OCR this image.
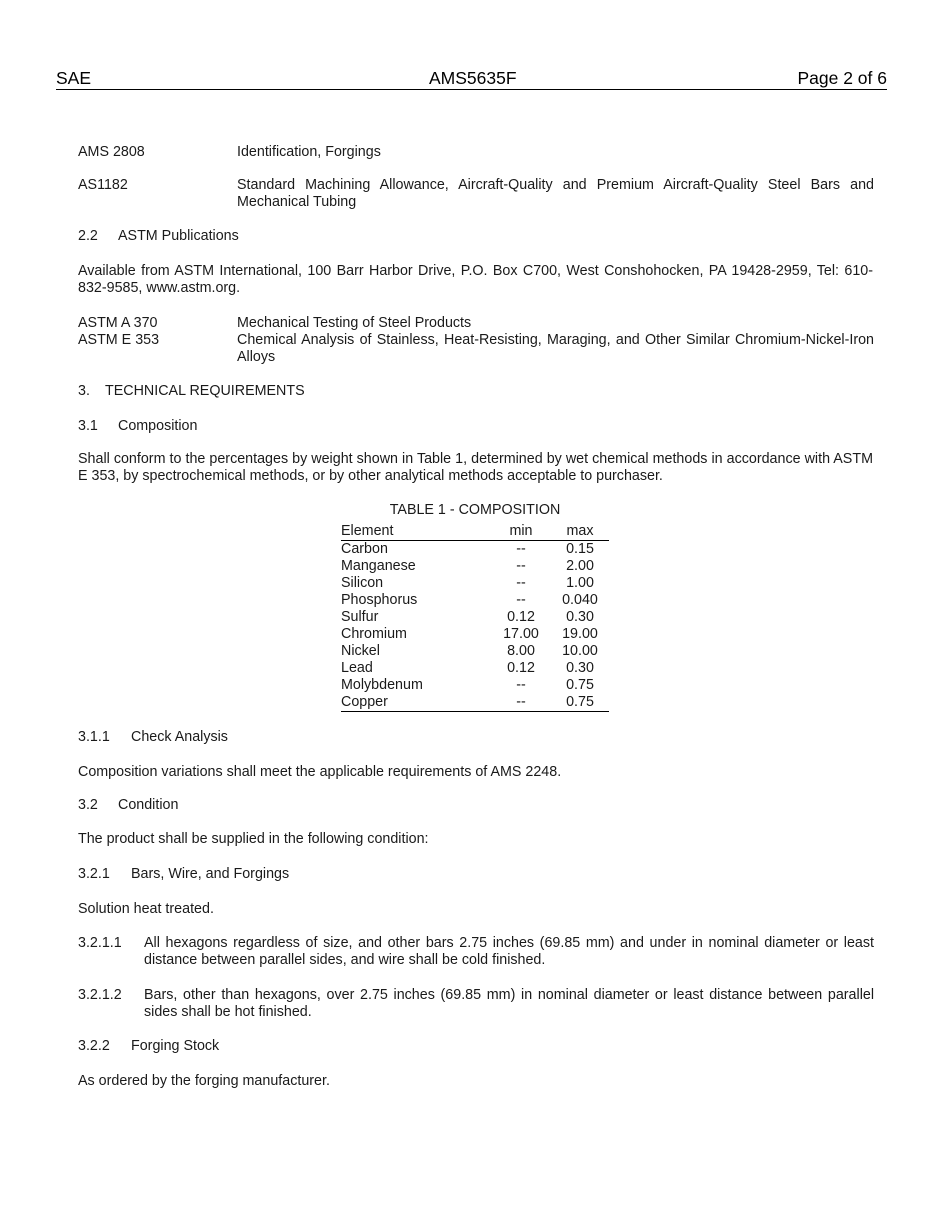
SAE	AMS5635F	Page 2 of 6
AMS 2808	Identification, Forgings
AS1182	Standard Machining Allowance, Aircraft-Quality and Premium Aircraft-Quality Steel Bars and Mechanical Tubing
2.2 ASTM Publications
Available from ASTM International, 100 Barr Harbor Drive, P.O. Box C700, West Conshohocken, PA 19428-2959, Tel: 610-832-9585, www.astm.org.
ASTM A 370	Mechanical Testing of Steel Products
ASTM E 353	Chemical Analysis of Stainless, Heat-Resisting, Maraging, and Other Similar Chromium-Nickel-Iron Alloys
3. TECHNICAL REQUIREMENTS
3.1 Composition
Shall conform to the percentages by weight shown in Table 1, determined by wet chemical methods in accordance with ASTM E 353, by spectrochemical methods, or by other analytical methods acceptable to purchaser.
TABLE 1 - COMPOSITION
Element	min	max
Carbon	--	0.15
Manganese	--	2.00
Silicon	--	1.00
Phosphorus	--	0.040
Sulfur	0.12	0.30
Chromium	17.00	19.00
Nickel	8.00	10.00
Lead	0.12	0.30
Molybdenum	--	0.75
Copper	--	0.75
3.1.1 Check Analysis
Composition variations shall meet the applicable requirements of AMS 2248.
3.2 Condition
The product shall be supplied in the following condition:
3.2.1 Bars, Wire, and Forgings
Solution heat treated.
3.2.1.1 All hexagons regardless of size, and other bars 2.75 inches (69.85 mm) and under in nominal diameter or least distance between parallel sides, and wire shall be cold finished.
3.2.1.2 Bars, other than hexagons, over 2.75 inches (69.85 mm) in nominal diameter or least distance between parallel sides shall be hot finished.
3.2.2 Forging Stock
As ordered by the forging manufacturer.
